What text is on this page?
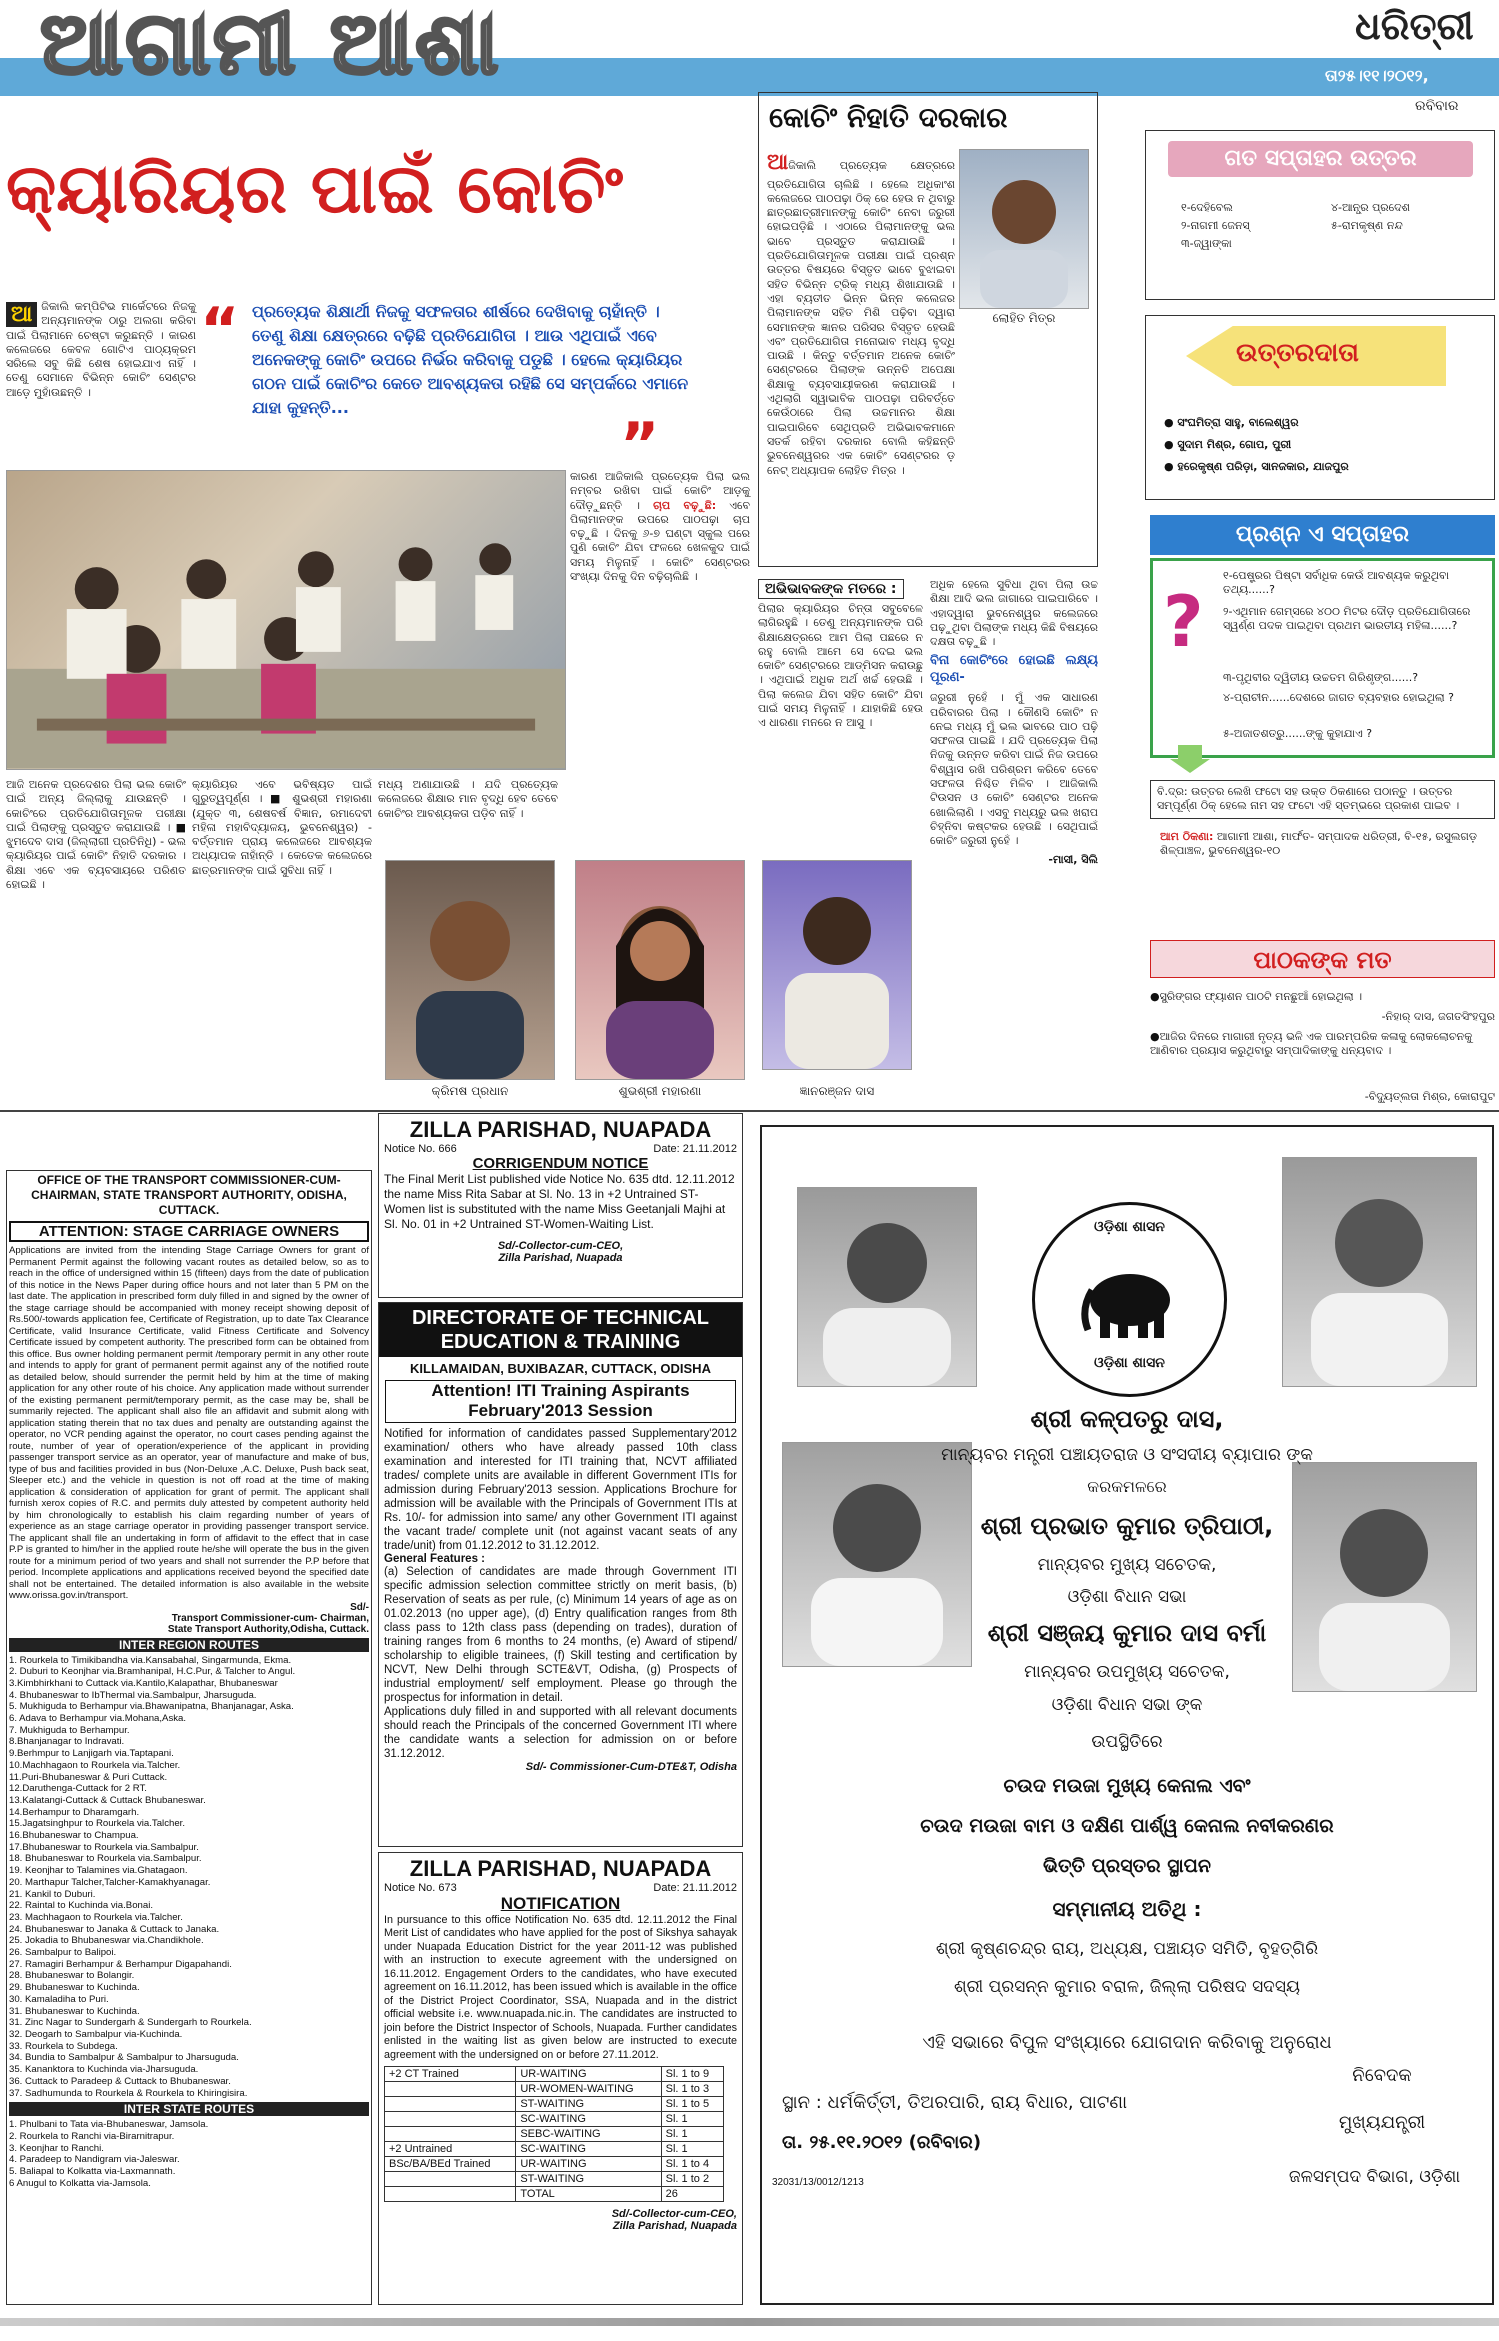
ଆଗାମୀ ଆଶା	ଧରିତ୍ରୀ
ତା୨୫।୧୧।୨୦୧୨,
ରବିବାର
କ୍ୟାରିୟର ପାଇଁ କୋଚିଂ
ଆ ଜିକାଲି କମ୍ପିଟିଭ ମାର୍କେଟରେ ନିଜକୁ ଅନ୍ୟମାନଙ୍କ ଠାରୁ ଅଲଗା କରିବା ପାଇଁ ପିଲାମାନେ ଚେଷ୍ଟା କରୁଛନ୍ତି । କାରଣ କଲେଜରେ କେବଳ ଗୋଟିଏ ପାଠ୍ୟକ୍ରମ ସରିଲେ ସବୁ କିଛି ଶେଷ ହୋଇଯାଏ ନାହିଁ । ତେଣୁ ସେମାନେ ବିଭିନ୍ନ କୋଚିଂ ସେଣ୍ଟର ଆଡ଼େ ମୁହାଁଉଛନ୍ତି ।

“ ପ୍ରତ୍ୟେକ ଶିକ୍ଷାର୍ଥୀ ନିଜକୁ ସଫଳତାର ଶୀର୍ଷରେ ଦେଖିବାକୁ ଚାହାଁନ୍ତି । ତେଣୁ ଶିକ୍ଷା କ୍ଷେତ୍ରରେ ବଢ଼ିଛି ପ୍ରତିଯୋଗିତା । ଆଉ ଏଥିପାଇଁ ଏବେ ଅନେକଙ୍କୁ କୋଚିଂ ଉପରେ ନିର୍ଭର କରିବାକୁ ପଡୁଛି । ହେଲେ କ୍ୟାରିୟର ଗଠନ ପାଇଁ କୋଚିଂର କେତେ ଆବଶ୍ୟକତା ରହିଛି ସେ ସମ୍ପର୍କରେ ଏମାନେ ଯାହା କୁହନ୍ତି...
”
କାରଣ ଆଜିକାଲି ପ୍ରତ୍ୟେକ ପିଲା ଭଲ ନମ୍ବର ରଖିବା ପାଇଁ କୋଚିଂ ଆଡ଼କୁ ଦୌଡ଼ୁଛନ୍ତି । ଚାପ ବଢ଼ୁଛି: ଏବେ ପିଲାମାନଙ୍କ ଉପରେ ପାଠପଢ଼ା ଚାପ ବଢ଼ୁଛି । ଦିନକୁ ୬-୭ ଘଣ୍ଟା ସ୍କୁଲ ପରେ ପୁଣି କୋଚିଂ ଯିବା ଫଳରେ ଖେଳକୁଦ ପାଇଁ ସମୟ ମିଳୁନାହିଁ । କୋଚିଂ ସେଣ୍ଟରର ସଂଖ୍ୟା ଦିନକୁ ଦିନ ବଢ଼ିଚାଲିଛି ।
ଆଜି ଅନେକ ପ୍ରଦେଶର ପିଲା ଭଲ କୋଚିଂ ପାଇଁ ଅନ୍ୟ ଜିଲ୍ଲାକୁ ଯାଉଛନ୍ତି । କୋଚିଂରେ ପ୍ରତିଯୋଗିତାମୂଳକ ପରୀକ୍ଷା ପାଇଁ ପିଲାଙ୍କୁ ପ୍ରସ୍ତୁତ କରାଯାଉଛି । ■ ଝୁମଦେବ ଦାସ (ଜିଲ୍ଲାଗୀ ପ୍ରତିନିଧି) - ଭଲ କ୍ୟାରିୟର ପାଇଁ କୋଚିଂ ନିହାତି ଦରକାର । ଶିକ୍ଷା ଏବେ ଏକ ବ୍ୟବସାୟରେ ପରିଣତ ହୋଇଛି ।
କ୍ୟାରିୟର ଏବେ ଭବିଷ୍ୟତ ପାଇଁ ଗୁରୁତ୍ୱପୂର୍ଣ୍ଣ । ■ ଶୁଭଶ୍ରୀ ମହାରଣା (ଯୁକ୍ତ ୩, ଶେଷବର୍ଷ ବିଜ୍ଞାନ, ରମାଦେବୀ ମହିଳା ମହାବିଦ୍ୟାଳୟ, ଭୁବନେଶ୍ୱର) - ବର୍ତ୍ତମାନ ପ୍ରାୟ କଲେଜରେ ଆବଶ୍ୟକ ଅଧ୍ୟାପକ ନାହାଁନ୍ତି । କେତେକ କଲେଜରେ ଛାତ୍ରମାନଙ୍କ ପାଇଁ ସୁବିଧା ନାହିଁ ।
ମଧ୍ୟ ଅଣାଯାଉଛି । ଯଦି ପ୍ରତ୍ୟେକ କଲେଜରେ ଶିକ୍ଷାର ମାନ ବୃଦ୍ଧି ହେବ ତେବେ କୋଚିଂର ଆବଶ୍ୟକତା ପଡ଼ିବ ନାହିଁ ।
କ୍ରିମଷ ପ୍ରଧାନ	ଶୁଭଶ୍ରୀ ମହାରଣା
କୋଚିଂ ନିହାତି ଦରକାର
ଲୋହିତ ମିତ୍ର
ଆଜିକାଲି ପ୍ରତ୍ୟେକ କ୍ଷେତ୍ରରେ ପ୍ରତିଯୋଗିତା ଚାଲିଛି । ହେଲେ ଅଧିକାଂଶ କଲେଜରେ ପାଠପଢ଼ା ଠିକ୍ ରେ ହେଉ ନ ଥିବାରୁ ଛାତ୍ରଛାତ୍ରୀମାନଙ୍କୁ କୋଚିଂ ନେବା ଜରୁରୀ ହୋଇପଡ଼ିଛି । ଏଠାରେ ପିଲାମାନଙ୍କୁ ଭଲ ଭାବେ ପ୍ରସ୍ତୁତ କରାଯାଉଛି । ପ୍ରତିଯୋଗିତାମୂଳକ ପରୀକ୍ଷା ପାଇଁ ପ୍ରଶ୍ନ ଉତ୍ତର ବିଷୟରେ ବିସ୍ତୃତ ଭାବେ ବୁଝାଇବା ସହିତ ବିଭିନ୍ନ ଟ୍ରିକ୍ ମଧ୍ୟ ଶିଖାଯାଉଛି । ଏହା ବ୍ୟତୀତ ଭିନ୍ନ ଭିନ୍ନ କଲେଜର ପିଲାମାନଙ୍କ ସହିତ ମିଶି ପଢ଼ିବା ଦ୍ୱାରା ସେମାନଙ୍କ ଜ୍ଞାନର ପରିସର ବିସ୍ତୃତ ହେଉଛି ଏବଂ ପ୍ରତିଯୋଗିତା ମନୋଭାବ ମଧ୍ୟ ବୃଦ୍ଧି ପାଉଛି । କିନ୍ତୁ ବର୍ତ୍ତମାନ ଅନେକ କୋଚିଂ ସେଣ୍ଟରରେ ପିଲାଙ୍କ ଉନ୍ନତି ଅପେକ୍ଷା ଶିକ୍ଷାକୁ ବ୍ୟବସାୟୀକରଣ କରାଯାଉଛି । ଏଥିଲାଗି ସ୍ୱାଭାବିକ ପାଠପଢ଼ା ପରିବର୍ତ୍ତେ କେଉଁଠାରେ ପିଲା ଉଚ୍ଚମାନର ଶିକ୍ଷା ପାଇପାରିବେ ସେଥିପ୍ରତି ଅଭିଭାବକମାନେ ସତର୍କ ରହିବା ଦରକାର ବୋଲି କହିଛନ୍ତି ଭୁବନେଶ୍ୱରର ଏକ କୋଚିଂ ସେଣ୍ଟରର ଡ଼ ନେଟ୍ ଅଧ୍ୟାପକ ଲୋହିତ ମିତ୍ର ।
ଅଭିଭାବକଙ୍କ ମତରେ :
ପିଲାର କ୍ୟାରିୟର ଚିନ୍ତା ସବୁବେଳେ ଲାଗିରହୁଛି । ତେଣୁ ଅନ୍ୟମାନଙ୍କ ପରି ଶିକ୍ଷାକ୍ଷେତ୍ରରେ ଆମ ପିଲା ପଛରେ ନ ରହୁ ବୋଲି ଆମେ ସେ ଦେଇ ଭଲ କୋଚିଂ ସେଣ୍ଟରରେ ଆଡ୍ମିସନ କରାଉଛୁ । ଏଥିପାଇଁ ଅଧିକ ଅର୍ଥ ଖର୍ଚ୍ଚ ହେଉଛି । ପିଲା କଲେଜ ଯିବା ସହିତ କୋଚିଂ ଯିବା ପାଇଁ ସମୟ ମିଳୁନାହିଁ । ଯାହାକିଛି ହେଉ ଏ ଧାରଣା ମନରେ ନ ଆସୁ ।
ଜ୍ଞାନରଞ୍ଜନ ଦାସ
ଅଧିକ ହେଲେ ସୁବିଧା ଥିବା ପିଲା ଉଚ୍ଚ ଶିକ୍ଷା ଆଦି ଭଲ ଜାଗାରେ ପାଇପାରିବେ । ଏହାଦ୍ୱାରା ଭୁବନେଶ୍ୱର କଲେଜରେ ପଢ଼ୁଥିବା ପିଲାଙ୍କ ମଧ୍ୟ କିଛି ବିଷୟରେ ଦକ୍ଷତା ବଢ଼ୁଛି ।
ବିନା କୋଚିଂରେ ହୋଇଛି ଲକ୍ଷ୍ୟ ପୂରଣ-
ଜରୁରୀ ନୁହେଁ । ମୁଁ ଏକ ସାଧାରଣ ପରିବାରର ପିଲା । କୌଣସି କୋଚିଂ ନ ନେଇ ମଧ୍ୟ ମୁଁ ଭଲ ଭାବରେ ପାଠ ପଢ଼ି ସଫଳତା ପାଇଛି । ଯଦି ପ୍ରତ୍ୟେକ ପିଲା ନିଜକୁ ଉନ୍ନତ କରିବା ପାଇଁ ନିଜ ଉପରେ ବିଶ୍ୱାସ ରଖି ପରିଶ୍ରମ କରିବେ ତେବେ ସଫଳତା ନିଶ୍ଚିତ ମିଳିବ । ଆଜିକାଲି ଟିଉସନ ଓ କୋଚିଂ ସେଣ୍ଟର ଅନେକ ଖୋଲିଲାଣି । ଏସବୁ ମଧ୍ୟରୁ ଭଲ ଖରାପ ଚିହ୍ନିବା କଷ୍ଟକର ହେଉଛି । ସେଥିପାଇଁ କୋଚିଂ ଜରୁରୀ ନୁହେଁ ।
-ମାସୀ, ସିଲି
ଗତ ସପ୍ତାହର ଉତ୍ତର
୧-ଦେହିବେଲ
୨-ନାଗମୀ ଜେନସ୍
୩-ଜ୍ୱାଙ୍କା
୪-ଆନ୍ଧ୍ର ପ୍ରଦେଶ
୫-ରାମକୃଷ୍ଣ ନନ୍ଦ
ଉତ୍ତରଦାତା
● ସଂଘମିତ୍ରା ସାହୁ, ବାଲେଶ୍ୱର
● ସୁଦାମ ମିଶ୍ର, ଗୋପ, ପୁରୀ
● ହରେକୃଷ୍ଣ ପରିଡ଼ା, ସାନଜକାର, ଯାଜପୁର
ପ୍ରଶ୍ନ ଏ ସପ୍ତାହର
?
୧-ପେଷ୍ଟ୍ରର ପିଷ୍ଟା ସର୍ବାଧିକ କେଉଁ ଆବଶ୍ୟକ କରୁଥିବା ତଥ୍ୟ......?
୨-ଏଥିମାନ ଗେମ୍ସରେ ୪୦୦ ମିଟର ଦୌଡ଼ ପ୍ରତିଯୋଗିତାରେ ସ୍ୱର୍ଣ୍ଣ ପଦକ ପାଇଥିବା ପ୍ରଥମ ଭାରତୀୟ ମହିଳା......?
୩-ପୃଥିବୀର ଦ୍ୱିତୀୟ ଉଚ୍ଚତମ ଗିରିଶୃଙ୍ଗ......?
୪-ପ୍ରାଚୀନ......ଦେଶରେ ଜାଗତ ବ୍ୟବହାର ହୋଇଥିଲା ?
୫-ଅଜାତଶତ୍ରୁ......ଙ୍କୁ କୁହାଯାଏ ?
ବି.ଦ୍ର: ଉତ୍ତର ଲେଖି ଫଟୋ ସହ ଉକ୍ତ ଠିକଣାରେ ପଠାନ୍ତୁ । ଉତ୍ତର ସମ୍ପୂର୍ଣ୍ଣ ଠିକ୍ ହେଲେ ନାମ ସହ ଫଟୋ ଏହି ସ୍ତମ୍ଭରେ ପ୍ରକାଶ ପାଇବ ।
ଆମ ଠିକଣା: ଆଗାମୀ ଆଶା, ମାର୍ଫତ- ସମ୍ପାଦକ ଧରିତ୍ରୀ, ବି-୧୫, ରସୁଲଗଡ଼ ଶିଳ୍ପାଞ୍ଚଳ, ଭୁବନେଶ୍ୱର-୧୦
ପାଠକଙ୍କ ମତ
●ସ୍ପ୍ରିଙ୍ଗର ଫ୍ୟାଶନ ପାଠଟି ମନଛୁଆଁ ହୋଇଥିଲା ।
-ନିହାର୍ ଦାସ, ଜଗତସିଂହପୁର
●ଆଜିର ଦିନରେ ମାଗାରୀ ନୃତ୍ୟ ଭଳି ଏକ ପାରମ୍ପରିକ କଳାକୁ ଲୋକଲୋଚନକୁ ଆଣିବାର ପ୍ରୟାସ କରୁଥିବାରୁ ସମ୍ପାଦିକାଙ୍କୁ ଧନ୍ୟବାଦ ।
-ବିଦ୍ୟୁତ୍‌ଲତା ମିଶ୍ର, କୋରାପୁଟ
OFFICE OF THE TRANSPORT COMMISSIONER-CUM-CHAIRMAN, STATE TRANSPORT AUTHORITY, ODISHA, CUTTACK.
ATTENTION: STAGE CARRIAGE OWNERS
Applications are invited from the intending Stage Carriage Owners for grant of Permanent Permit against the following vacant routes as detailed below, so as to reach in the office of undersigned within 15 (fifteen) days from the date of publication of this notice in the News Paper during office hours and not later than 5 PM on the last date. The application in prescribed form duly filled in and signed by the owner of the stage carriage should be accompanied with money receipt showing deposit of Rs.500/-towards application fee, Certificate of Registration, up to date Tax Clearance Certificate, valid Insurance Certificate, valid Fitness Certificate and Solvency Certificate issued by competent authority. The prescribed form can be obtained from this office. Bus owner holding permanent permit /temporary permit in any other route and intends to apply for grant of permanent permit against any of the notified route as detailed below, should surrender the permit held by him at the time of making application for any other route of his choice. Any application made without surrender of the existing permanent permit/temporary permit, as the case may be, shall be summarily rejected. The applicant shall also file an affidavit and submit along with application stating therein that no tax dues and penalty are outstanding against the operator, no VCR pending against the operator, no court cases pending against the route, number of year of operation/experience of the applicant in providing passenger transport service as an operator, year of manufacture and make of bus, type of bus and facilities provided in bus (Non-Deluxe ,A.C. Deluxe, Push back seat, Sleeper etc.) and the vehicle in question is not off road at the time of making application & consideration of application for grant of permit. The applicant shall furnish xerox copies of R.C. and permits duly attested by competent authority held by him chronologically to establish his claim regarding number of years of experience as an stage carriage operator in providing passenger transport service. The applicant shall file an undertaking in form of affidavit to the effect that in case P.P is granted to him/her in the applied route he/she will operate the bus in the given route for a minimum period of two years and shall not surrender the P.P before that period. Incomplete applications and applications received beyond the specified date shall not be entertained. The detailed information is also available in the website www.orissa.gov.in/transport.
Sd/-
Transport Commissioner-cum- Chairman,
State Transport Authority,Odisha, Cuttack.
INTER REGION ROUTES
1. Rourkela to Timikibandha via.Kansabahal, Singarmunda, Ekma.
2. Duburi to Keonjhar via.Bramhanipal, H.C.Pur, & Talcher to Angul.
3.Kimbhirkhani to Cuttack via.Kantilo,Kalapathar, Bhubaneswar
4. Bhubaneswar to IbThermal via.Sambalpur, Jharsuguda.
5. Mukhiguda to Berhampur via.Bhawanipatna, Bhanjanagar, Aska.
6. Adava to Berhampur via.Mohana,Aska.
7. Mukhiguda to Berhampur.
8.Bhanjanagar to Indravati.
9.Berhmpur to Lanjigarh via.Taptapani.
10.Machhagaon to Rourkela via.Talcher.
11.Puri-Bhubaneswar & Puri Cuttack.
12.Daruthenga-Cuttack for 2 RT.
13.Kalatangi-Cuttack & Cuttack Bhubaneswar.
14.Berhampur to Dharamgarh.
15.Jagatsinghpur to Rourkela via.Talcher.
16.Bhubaneswar to Champua.
17.Bhubaneswar to Rourkela via.Sambalpur.
18. Bhubaneswar to Rourkela via.Sambalpur.
19. Keonjhar to Talamines via.Ghatagaon.
20. Marthapur Talcher,Talcher-Kamakhyanagar.
21. Kankil to Duburi.
22. Raintal to Kuchinda via.Bonai.
23. Machhagaon to Rourkela via.Talcher.
24. Bhubaneswar to Janaka & Cuttack to Janaka.
25. Jokadia to Bhubaneswar via.Chandikhole.
26. Sambalpur to Balipoi.
27. Ramagiri Berhampur & Berhampur Digapahandi.
28. Bhubaneswar to Bolangir.
29. Bhubaneswar to Kuchinda.
30. Kamaladiha to Puri.
31. Bhubaneswar to Kuchinda.
31. Zinc Nagar to Sundergarh & Sundergarh to Rourkela.
32. Deogarh to Sambalpur via-Kuchinda.
33. Rourkela to Subdega.
34. Bundia to Sambalpur & Sambalpur to Jharsuguda.
35. Kananktora to Kuchinda via-Jharsuguda.
36. Cuttack to Paradeep & Cuttack to Bhubaneswar.
37. Sadhumunda to Rourkela & Rourkela to Khiringisira.
INTER STATE ROUTES
1. Phulbani to Tata via-Bhubaneswar, Jamsola.
2. Rourkela to Ranchi via-Birarnitrapur.
3. Keonjhar to Ranchi.
4. Paradeep to Nandigram via-Jaleswar.
5. Baliapal to Kolkatta via-Laxmannath.
6 Anugul to Kolkatta via-Jamsola.
ZILLA PARISHAD, NUAPADA
Notice No. 666	Date: 21.11.2012
CORRIGENDUM NOTICE
The Final Merit List published vide Notice No. 635 dtd. 12.11.2012 the name Miss Rita Sabar at Sl. No. 13 in +2 Untrained ST-Women list is substituted with the name Miss Geetanjali Majhi at Sl. No. 01 in +2 Untrained ST-Women-Waiting List.
Sd/-Collector-cum-CEO,
Zilla Parishad, Nuapada
DIRECTORATE OF TECHNICAL EDUCATION & TRAINING
KILLAMAIDAN, BUXIBAZAR, CUTTACK, ODISHA
Attention! ITI Training Aspirants February'2013 Session
Notified for information of candidates passed Supplementary'2012 examination/ others who have already passed 10th class examination and interested for ITI training that, NCVT affiliated trades/ complete units are available in different Government ITIs for admission during February'2013 session. Applications Brochure for admission will be available with the Principals of Government ITIs at Rs. 10/- for admission into same/ any other Government ITI against the vacant trade/ complete unit (not against vacant seats of any trade/unit) from 01.12.2012 to 31.12.2012.
General Features :
(a) Selection of candidates are made through Government ITI specific admission selection committee strictly on merit basis, (b) Reservation of seats as per rule, (c) Minimum 14 years of age as on 01.02.2013 (no upper age), (d) Entry qualification ranges from 8th class pass to 12th class pass (depending on trades), duration of training ranges from 6 months to 24 months, (e) Award of stipend/ scholarship to eligible trainees, (f) Skill testing and certification by NCVT, New Delhi through SCTE&VT, Odisha, (g) Prospects of industrial employment/ self employment. Please go through the prospectus for information in detail.
Applications duly filled in and supported with all relevant documents should reach the Principals of the concerned Government ITI where the candidate wants a selection for admission on or before 31.12.2012.
Sd/- Commissioner-Cum-DTE&T, Odisha
ZILLA PARISHAD, NUAPADA
Notice No. 673	Date: 21.11.2012
NOTIFICATION
In pursuance to this office Notification No. 635 dtd. 12.11.2012 the Final Merit List of candidates who have applied for the post of Sikshya sahayak under Nuapada Education District for the year 2011-12 was published with an instruction to execute agreement with the undersigned on 16.11.2012. Engagement Orders to the candidates, who have executed agreement on 16.11.2012, has been issued which is available in the office of the District Project Coordinator, SSA, Nuapada and in the district official website i.e. www.nuapada.nic.in. The candidates are instructed to join before the District Inspector of Schools, Nuapada. Further candidates enlisted in the waiting list as given below are instructed to execute agreement with the undersigned on or before 27.11.2012.
+2 CT Trained	UR-WAITING	Sl. 1 to 9
	UR-WOMEN-WAITING	Sl. 1 to 3
	ST-WAITING	Sl. 1 to 5
	SC-WAITING	Sl. 1
	SEBC-WAITING	Sl. 1
+2 Untrained	SC-WAITING	Sl. 1
BSc/BA/BEd Trained	UR-WAITING	Sl. 1 to 4
	ST-WAITING	Sl. 1 to 2
	TOTAL	26
Sd/-Collector-cum-CEO,
Zilla Parishad, Nuapada
ଓଡ଼ିଶା ଶାସନ
ଓଡ଼ିଶା ଶାସନ
ଶ୍ରୀ କଳ୍ପତରୁ ଦାସ,
ମାନ୍ୟବର ମନ୍ତ୍ରୀ ପଞ୍ଚାୟତରାଜ ଓ ସଂସଦୀୟ ବ୍ୟାପାର ଙ୍କ
କରକମଳରେ
ଶ୍ରୀ ପ୍ରଭାତ କୁମାର ତ୍ରିପାଠୀ,
ମାନ୍ୟବର ମୁଖ୍ୟ ସଚେତକ,
ଓଡ଼ିଶା ବିଧାନ ସଭା
ଶ୍ରୀ ସଞ୍ଜୟ କୁମାର ଦାସ ବର୍ମା
ମାନ୍ୟବର ଉପମୁଖ୍ୟ ସଚେତକ,
ଓଡ଼ିଶା ବିଧାନ ସଭା ଙ୍କ
ଉପସ୍ଥିତିରେ
ଚଉଦ ମଉଜା ମୁଖ୍ୟ କେନାଲ ଏବଂ
ଚଉଦ ମଉଜା ବାମ ଓ ଦକ୍ଷିଣ ପାର୍ଶ୍ୱ କେନାଲ ନବୀକରଣର
ଭିତ୍ତି ପ୍ରସ୍ତର ସ୍ଥାପନ
ସମ୍ମାନୀୟ ଅତିଥି :
ଶ୍ରୀ କୃଷ୍ଣଚନ୍ଦ୍ର ରାୟ, ଅଧ୍ୟକ୍ଷ, ପଞ୍ଚାୟତ ସମିତି, ବୃହତ୍‌ଗିରି
ଶ୍ରୀ ପ୍ରସନ୍ନ କୁମାର ବରାଳ, ଜିଲ୍ଲା ପରିଷଦ ସଦସ୍ୟ
ଏହି ସଭାରେ ବିପୁଳ ସଂଖ୍ୟାରେ ଯୋଗଦାନ କରିବାକୁ ଅନୁରୋଧ
ସ୍ଥାନ : ଧର୍ମକିର୍ତ୍ତୀ, ତିଅରପାରି, ରାୟ ବିଧାର, ପାଟଣା
ତା. ୨୫.୧୧.୨୦୧୨ (ରବିବାର)
ନିବେଦକ
ମୁଖ୍ୟଯନ୍ତ୍ରୀ
ଜଳସମ୍ପଦ ବିଭାଗ, ଓଡ଼ିଶା
32031/13/0012/1213
